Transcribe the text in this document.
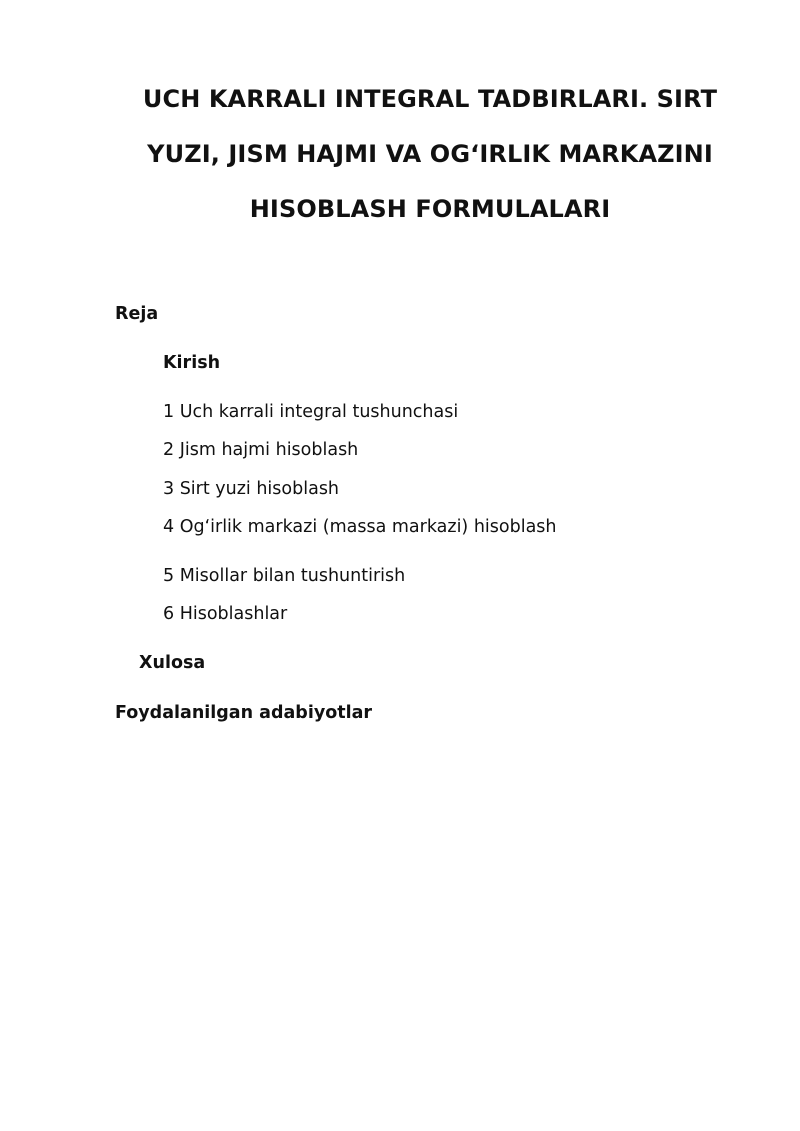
UCH KARRALI INTEGRAL TADBIRLARI. SIRT
YUZI, JISM HAJMI VA OG‘IRLIK MARKAZINI
HISOBLASH FORMULALARI
Reja
Kirish
1 Uch karrali integral tushunchasi
2 Jism hajmi hisoblash
3 Sirt yuzi hisoblash
4 Og‘irlik markazi (massa markazi) hisoblash
5 Misollar bilan tushuntirish
6 Hisoblashlar
Xulosa
Foydalanilgan adabiyotlar
